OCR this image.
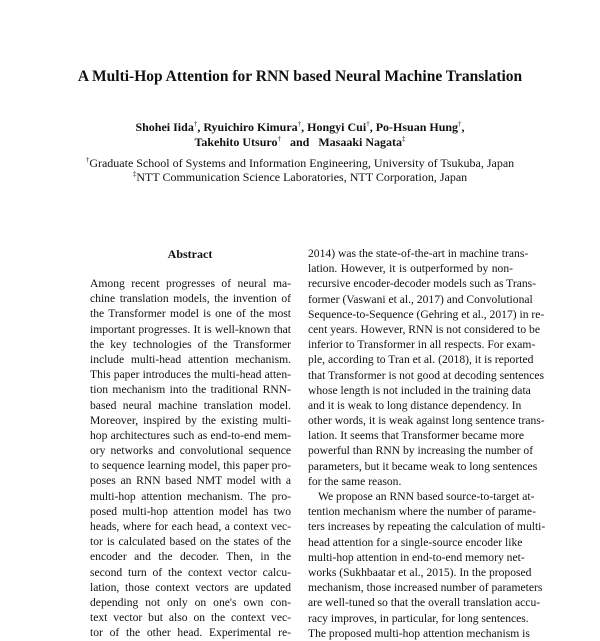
A Multi-Hop Attention for RNN based Neural Machine Translation
Shohei Iida†, Ryuichiro Kimura†, Hongyi Cui†, Po-Hsuan Hung†,
Takehito Utsuro† and Masaaki Nagata‡
†Graduate School of Systems and Information Engineering, University of Tsukuba, Japan
‡NTT Communication Science Laboratories, NTT Corporation, Japan
Abstract
Among recent progresses of neural ma-
chine translation models, the invention of
the Transformer model is one of the most
important progresses. It is well-known that
the key technologies of the Transformer
include multi-head attention mechanism.
This paper introduces the multi-head atten-
tion mechanism into the traditional RNN-
based neural machine translation model.
Moreover, inspired by the existing multi-
hop architectures such as end-to-end mem-
ory networks and convolutional sequence
to sequence learning model, this paper pro-
poses an RNN based NMT model with a
multi-hop attention mechanism. The pro-
posed multi-hop attention model has two
heads, where for each head, a context vec-
tor is calculated based on the states of the
encoder and the decoder. Then, in the
second turn of the context vector calcu-
lation, those context vectors are updated
depending not only on one's own con-
text vector but also on the context vec-
tor of the other head. Experimental re-
2014) was the state-of-the-art in machine trans-
lation. However, it is outperformed by non-
recursive encoder-decoder models such as Trans-
former (Vaswani et al., 2017) and Convolutional
Sequence-to-Sequence (Gehring et al., 2017) in re-
cent years. However, RNN is not considered to be
inferior to Transformer in all respects. For exam-
ple, according to Tran et al. (2018), it is reported
that Transformer is not good at decoding sentences
whose length is not included in the training data
and it is weak to long distance dependency. In
other words, it is weak against long sentence trans-
lation. It seems that Transformer became more
powerful than RNN by increasing the number of
parameters, but it became weak to long sentences
for the same reason.
We propose an RNN based source-to-target at-
tention mechanism where the number of parame-
ters increases by repeating the calculation of multi-
head attention for a single-source encoder like
multi-hop attention in end-to-end memory net-
works (Sukhbaatar et al., 2015). In the proposed
mechanism, those increased number of parameters
are well-tuned so that the overall translation accu-
racy improves, in particular, for long sentences.
The proposed multi-hop attention mechanism is
